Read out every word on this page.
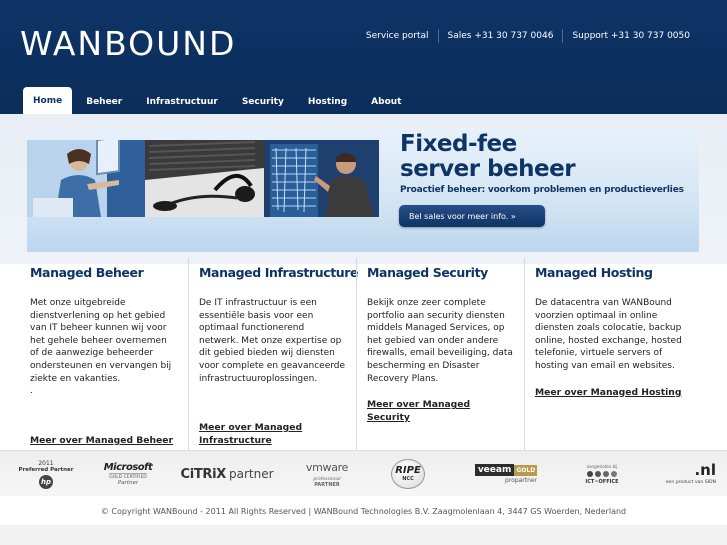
WANBOUND	Service portal	Sales +31 30 737 0046	Support +31 30 737 0050
Home	Beheer	Infrastructuur	Security	Hosting	About
Fixed-fee
server beheer
Proactief beheer: voorkom problemen en productieverlies
Bel sales voor meer info. »
Managed Beheer

Met onze uitgebreide dienstverlening op het gebied van IT beheer kunnen wij voor het gehele beheer overnemen of de aanwezige beheerder ondersteunen en vervangen bij ziekte en vakanties.

.

Meer over Managed Beheer
Managed Infrastructure

De IT infrastructuur is een essentiële basis voor een optimaal functionerend netwerk. Met onze expertise op dit gebied bieden wij diensten voor complete en geavanceerde infrastructuuroplossingen.

Meer over Managed Infrastructure
Managed Security

Bekijk onze zeer complete portfolio aan security diensten middels Managed Services, op het gebied van onder andere firewalls, email beveiliging, data bescherming en Disaster Recovery Plans.

Meer over Managed Security
Managed Hosting

De datacentra van WANBound voorzien optimaal in online diensten zoals colocatie, backup online, hosted exchange, hosted telefonie, virtuele servers of hosting van email en websites.

Meer over Managed Hosting
2011
Preferred Partner
hp
Microsoft
GOLD CERTIFIED
Partner
CiTRiX partner	vmware
professional
PARTNER
RIPE
NCC
veeam GOLD
propartner
aangesloten bij
ICT~OFFICE
.nl
een product van SIDN
© Copyright WANBound - 2011 All Rights Reserved | WANBound Technologies B.V. Zaagmolenlaan 4, 3447 GS Woerden, Nederland
